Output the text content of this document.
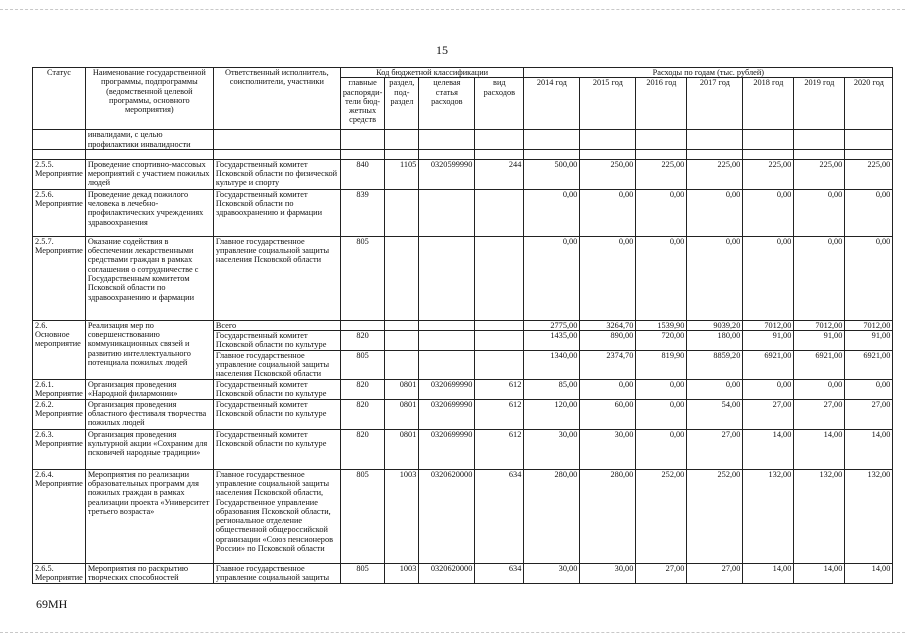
15
Статус	Наименование государственной программы, подпрограммы (ведомственной целевой программы, основного мероприятия)	Ответственный исполнитель, соисполнители, участники	Код бюджетной классификации				Расходы по годам (тыс. рублей)						
			главные распоряди-тели бюд-жетных средств	раздел, под-раздел	целевая статья расходов	вид расходов	2014 год	2015 год	2016 год	2017 год	2018 год	2019 год	2020 год
	инвалидами, с целью профилактики инвалидности												

2.5.5. Мероприятие	Проведение спортивно-массовых мероприятий с участием пожилых людей	Государственный комитет Псковской области по физической культуре и спорту	840	1105	0320599990	244	500,00	250,00	225,00	225,00	225,00	225,00	225,00
2.5.6. Мероприятие	Проведение декад пожилого человека в лечебно-профилактических учреждениях здравоохранения	Государственный комитет Псковской области по здравоохранению и фармации	839				0,00	0,00	0,00	0,00	0,00	0,00	0,00
2.5.7. Мероприятие	Оказание содействия в обеспечении лекарственными средствами граждан в рамках соглашения о сотрудничестве с Государственным комитетом Псковской области по здравоохранению и фармации	Главное государственное управление социальной защиты населения Псковской области	805				0,00	0,00	0,00	0,00	0,00	0,00	0,00
2.6. Основное мероприятие	Реализация мер по совершенствованию коммуникационных связей и развитию интеллектуального потенциала пожилых людей	Всего					2775,00	3264,70	1539,90	9039,20	7012,00	7012,00	7012,00
		Государственный комитет Псковской области по культуре	820				1435,00	890,00	720,00	180,00	91,00	91,00	91,00
		Главное государственное управление социальной защиты населения Псковской области	805				1340,00	2374,70	819,90	8859,20	6921,00	6921,00	6921,00
2.6.1. Мероприятие	Организация проведения «Народной филармонии»	Государственный комитет Псковской области по культуре	820	0801	0320699990	612	85,00	0,00	0,00	0,00	0,00	0,00	0,00
2.6.2. Мероприятие	Организация проведения областного фестиваля творчества пожилых людей	Государственный комитет Псковской области по культуре	820	0801	0320699990	612	120,00	60,00	0,00	54,00	27,00	27,00	27,00
2.6.3. Мероприятие	Организация проведения культурной акции «Сохраним для псковичей народные традиции»	Государственный комитет Псковской области по культуре	820	0801	0320699990	612	30,00	30,00	0,00	27,00	14,00	14,00	14,00
2.6.4. Мероприятие	Мероприятия по реализации образовательных программ для пожилых граждан в рамках реализации проекта «Университет третьего возраста»	Главное государственное управление социальной защиты населения Псковской области, Государственное управление образования Псковской области, региональное отделение общественной общероссийской организации «Союз пенсионеров России» по Псковской области	805	1003	0320620000	634	280,00	280,00	252,00	252,00	132,00	132,00	132,00
2.6.5. Мероприятие	Мероприятия по раскрытию творческих способностей	Главное государственное управление социальной защиты	805	1003	0320620000	634	30,00	30,00	27,00	27,00	14,00	14,00	14,00
69МН
